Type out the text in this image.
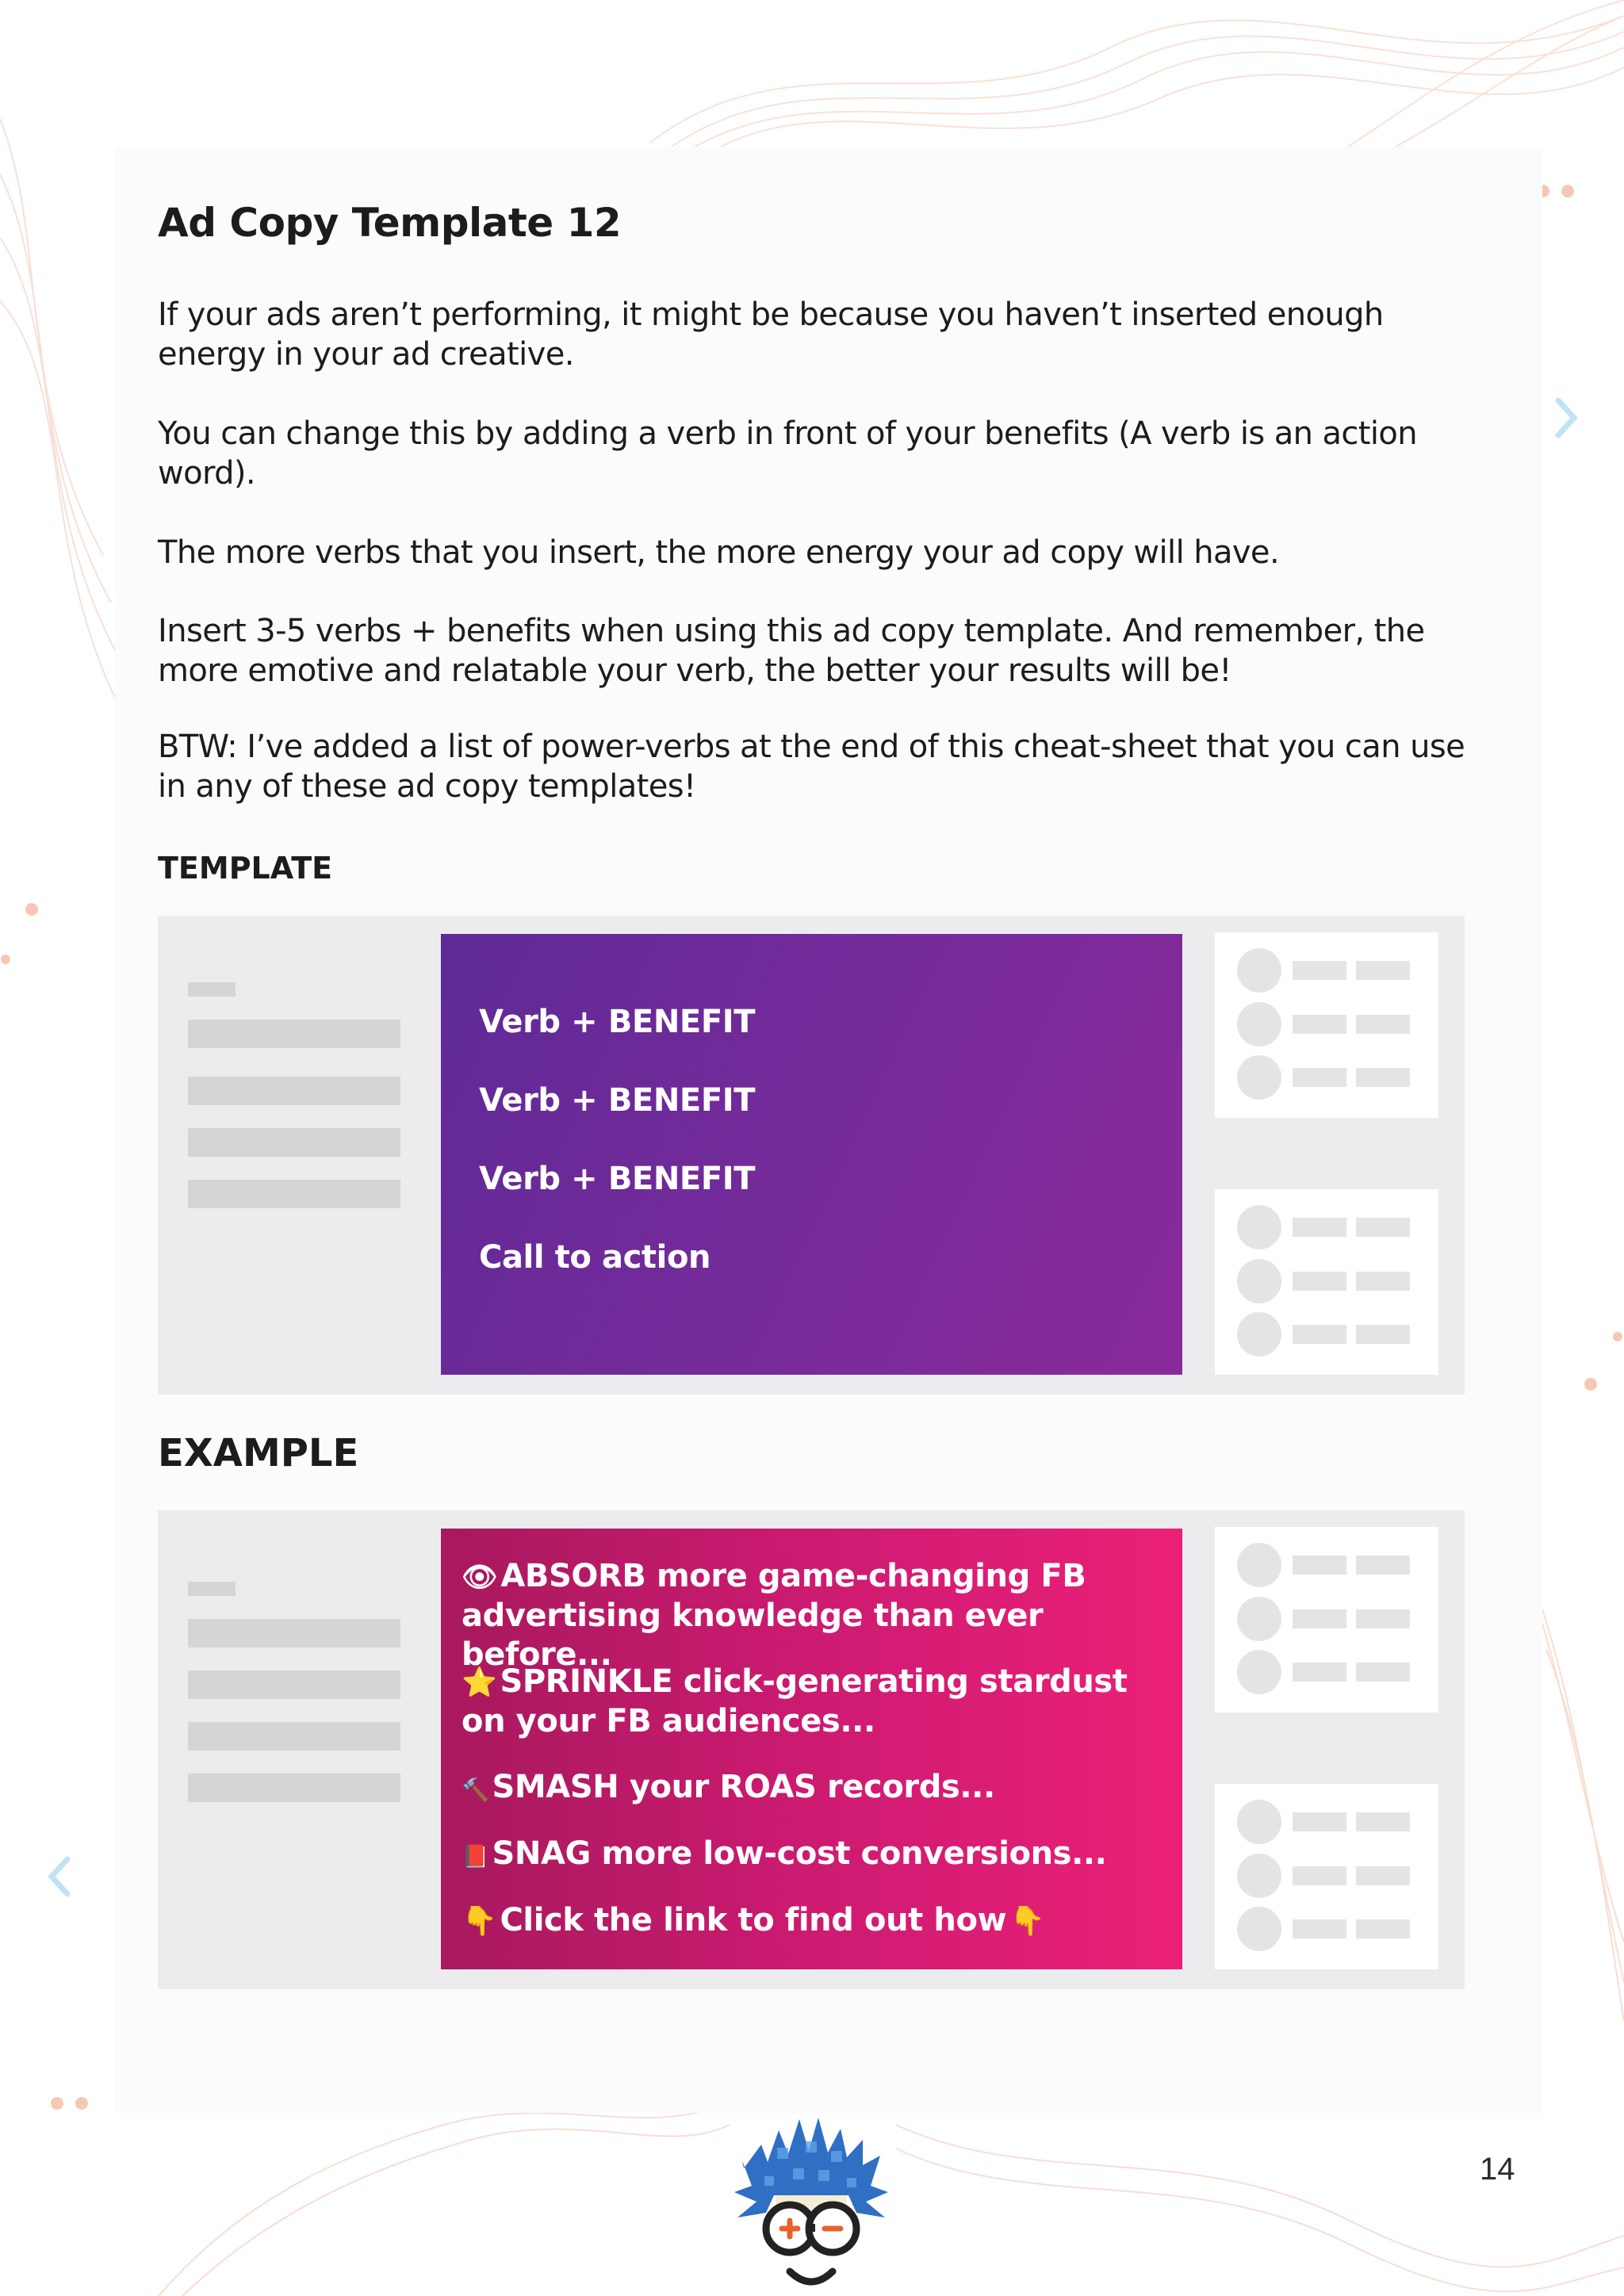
Ad Copy Template 12

If your ads aren’t performing, it might be because you haven’t inserted enough energy in your ad creative.

You can change this by adding a verb in front of your benefits (A verb is an action word).

The more verbs that you insert, the more energy your ad copy will have.

Insert 3-5 verbs + benefits when using this ad copy template. And remember, the more emotive and relatable your verb, the better your results will be!

BTW: I’ve added a list of power-verbs at the end of this cheat-sheet that you can use in any of these ad copy templates!

TEMPLATE
Verb + BENEFIT
Verb + BENEFIT
Verb + BENEFIT
Call to action
EXAMPLE
👁 ABSORB more game-changing FB advertising knowledge than ever before...
⭐ SPRINKLE click-generating stardust on your FB audiences...
🔨 SMASH your ROAS records...
📕 SNAG more low-cost conversions...
👇 Click the link to find out how 👇
14
